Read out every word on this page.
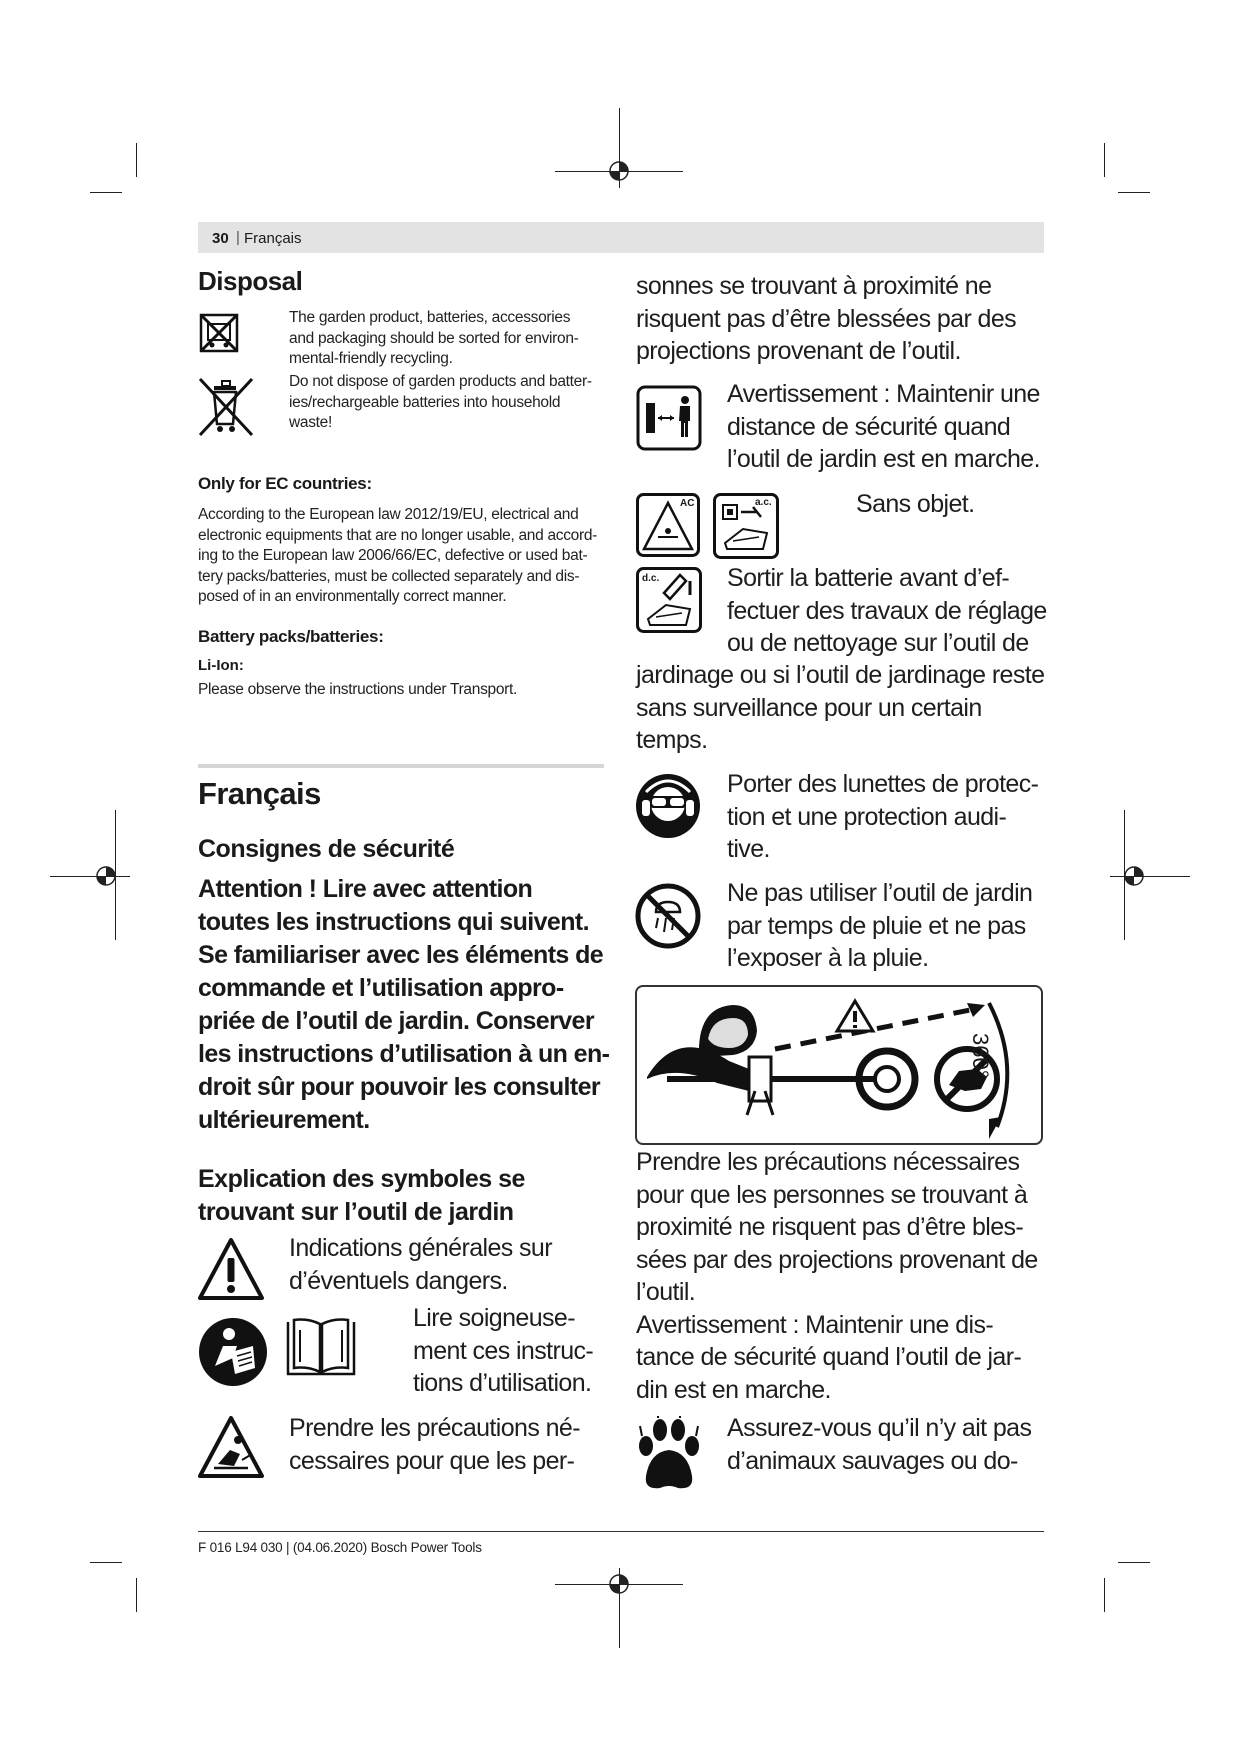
30 | Français
Disposal
The garden product, batteries, accessories
and packaging should be sorted for environ-
mental-friendly recycling.
Do not dispose of garden products and batter-
ies/rechargeable batteries into household
waste!
Only for EC countries:
According to the European law 2012/19/EU, electrical and
electronic equipments that are no longer usable, and accord-
ing to the European law 2006/66/EC, defective or used bat-
tery packs/batteries, must be collected separately and dis-
posed of in an environmentally correct manner.
Battery packs/batteries:
Li-Ion:
Please observe the instructions under Transport.
Français
Consignes de sécurité
Attention ! Lire avec attention
toutes les instructions qui suivent.
Se familiariser avec les éléments de
commande et l’utilisation appro-
priée de l’outil de jardin. Conserver
les instructions d’utilisation à un en-
droit sûr pour pouvoir les consulter
ultérieurement.
Explication des symboles se
trouvant sur l’outil de jardin
Indications générales sur
d’éventuels dangers.
Lire soigneuse-
ment ces instruc-
tions d’utilisation.
Prendre les précautions né-
cessaires pour que les per-
sonnes se trouvant à proximité ne
risquent pas d’être blessées par des
projections provenant de l’outil.
Avertissement : Maintenir une
distance de sécurité quand
l’outil de jardin est en marche.
AC	a.c.	Sans objet.
d.c.	Sortir la batterie avant d’ef-
fectuer des travaux de réglage
ou de nettoyage sur l’outil de
jardinage ou si l’outil de jardinage reste
sans surveillance pour un certain
temps.
Porter des lunettes de protec-
tion et une protection audi-
tive.
Ne pas utiliser l’outil de jardin
par temps de pluie et ne pas
l’exposer à la pluie.
360°
Prendre les précautions nécessaires
pour que les personnes se trouvant à
proximité ne risquent pas d’être bles-
sées par des projections provenant de
l’outil.
Avertissement : Maintenir une dis-
tance de sécurité quand l’outil de jar-
din est en marche.
Assurez-vous qu’il n’y ait pas
d’animaux sauvages ou do-
F 016 L94 030 | (04.06.2020) Bosch Power Tools
